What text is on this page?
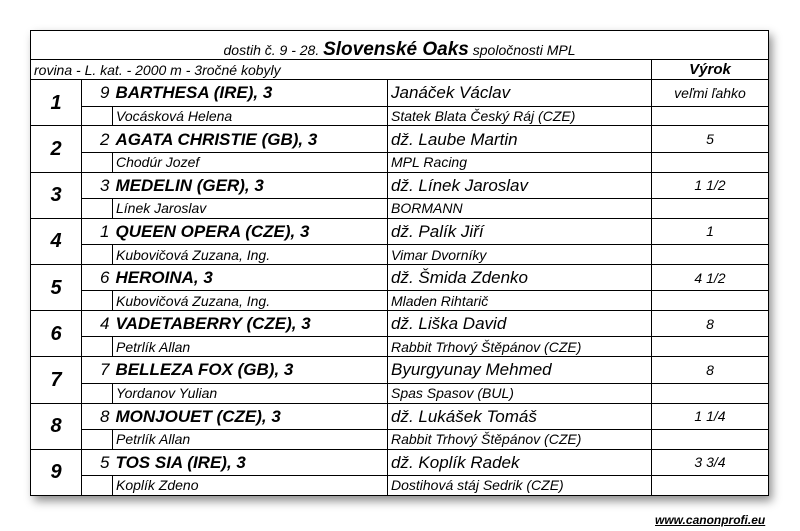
dostih č. 9 - 28. Slovenské Oaks spoločnosti MPL				
rovina - L. kat. - 2000 m - 3ročné kobyly				Výrok
1	9	BARTHESA (IRE), 3	Janáček Václav	veľmi ľahko
		Vocásková Helena	Statek Blata Český Ráj (CZE)	
2	2	AGATA CHRISTIE (GB), 3	dž. Laube Martin	5
		Chodúr Jozef	MPL Racing	
3	3	MEDELIN (GER), 3	dž. Línek Jaroslav	1 1/2
		Línek Jaroslav	BORMANN	
4	1	QUEEN OPERA (CZE), 3	dž. Palík Jiří	1
		Kubovičová Zuzana, Ing.	Vimar Dvorníky	
5	6	HEROINA, 3	dž. Šmida Zdenko	4 1/2
		Kubovičová Zuzana, Ing.	Mladen Rihtarič	
6	4	VADETABERRY (CZE), 3	dž. Liška David	8
		Petrlík Allan	Rabbit Trhový Štěpánov (CZE)	
7	7	BELLEZA FOX (GB), 3	Byurgyunay Mehmed	8
		Yordanov Yulian	Spas Spasov (BUL)	
8	8	MONJOUET (CZE), 3	dž. Lukášek Tomáš	1 1/4
		Petrlík Allan	Rabbit Trhový Štěpánov (CZE)	
9	5	TOS SIA (IRE), 3	dž. Koplík Radek	3 3/4
		Koplík Zdeno	Dostihová stáj Sedrik (CZE)	
www.canonprofi.eu
